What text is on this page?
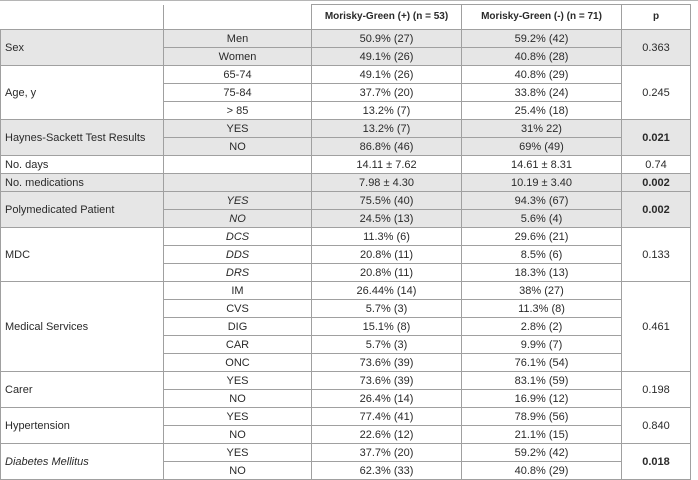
		Morisky-Green (+) (n = 53)	Morisky-Green (-) (n = 71)	p
Sex	Men	50.9% (27)	59.2% (42)	0.363
	Women	49.1% (26)	40.8% (28)	
Age, y	65-74	49.1% (26)	40.8% (29)	0.245
	75-84	37.7% (20)	33.8% (24)	
	> 85	13.2% (7)	25.4% (18)	
Haynes-Sackett Test Results	YES	13.2% (7)	31% 22)	0.021
	NO	86.8% (46)	69% (49)	
No. days		14.11 ± 7.62	14.61 ± 8.31	0.74
No. medications		7.98 ± 4.30	10.19 ± 3.40	0.002
Polymedicated Patient	YES	75.5% (40)	94.3% (67)	0.002
	NO	24.5% (13)	5.6% (4)	
MDC	DCS	11.3% (6)	29.6% (21)	0.133
	DDS	20.8% (11)	8.5% (6)	
	DRS	20.8% (11)	18.3% (13)	
Medical Services	IM	26.44% (14)	38% (27)	0.461
	CVS	5.7% (3)	11.3% (8)	
	DIG	15.1% (8)	2.8% (2)	
	CAR	5.7% (3)	9.9% (7)	
	ONC	73.6% (39)	76.1% (54)	
Carer	YES	73.6% (39)	83.1% (59)	0.198
	NO	26.4% (14)	16.9% (12)	
Hypertension	YES	77.4% (41)	78.9% (56)	0.840
	NO	22.6% (12)	21.1% (15)	
Diabetes Mellitus	YES	37.7% (20)	59.2% (42)	0.018
	NO	62.3% (33)	40.8% (29)	
